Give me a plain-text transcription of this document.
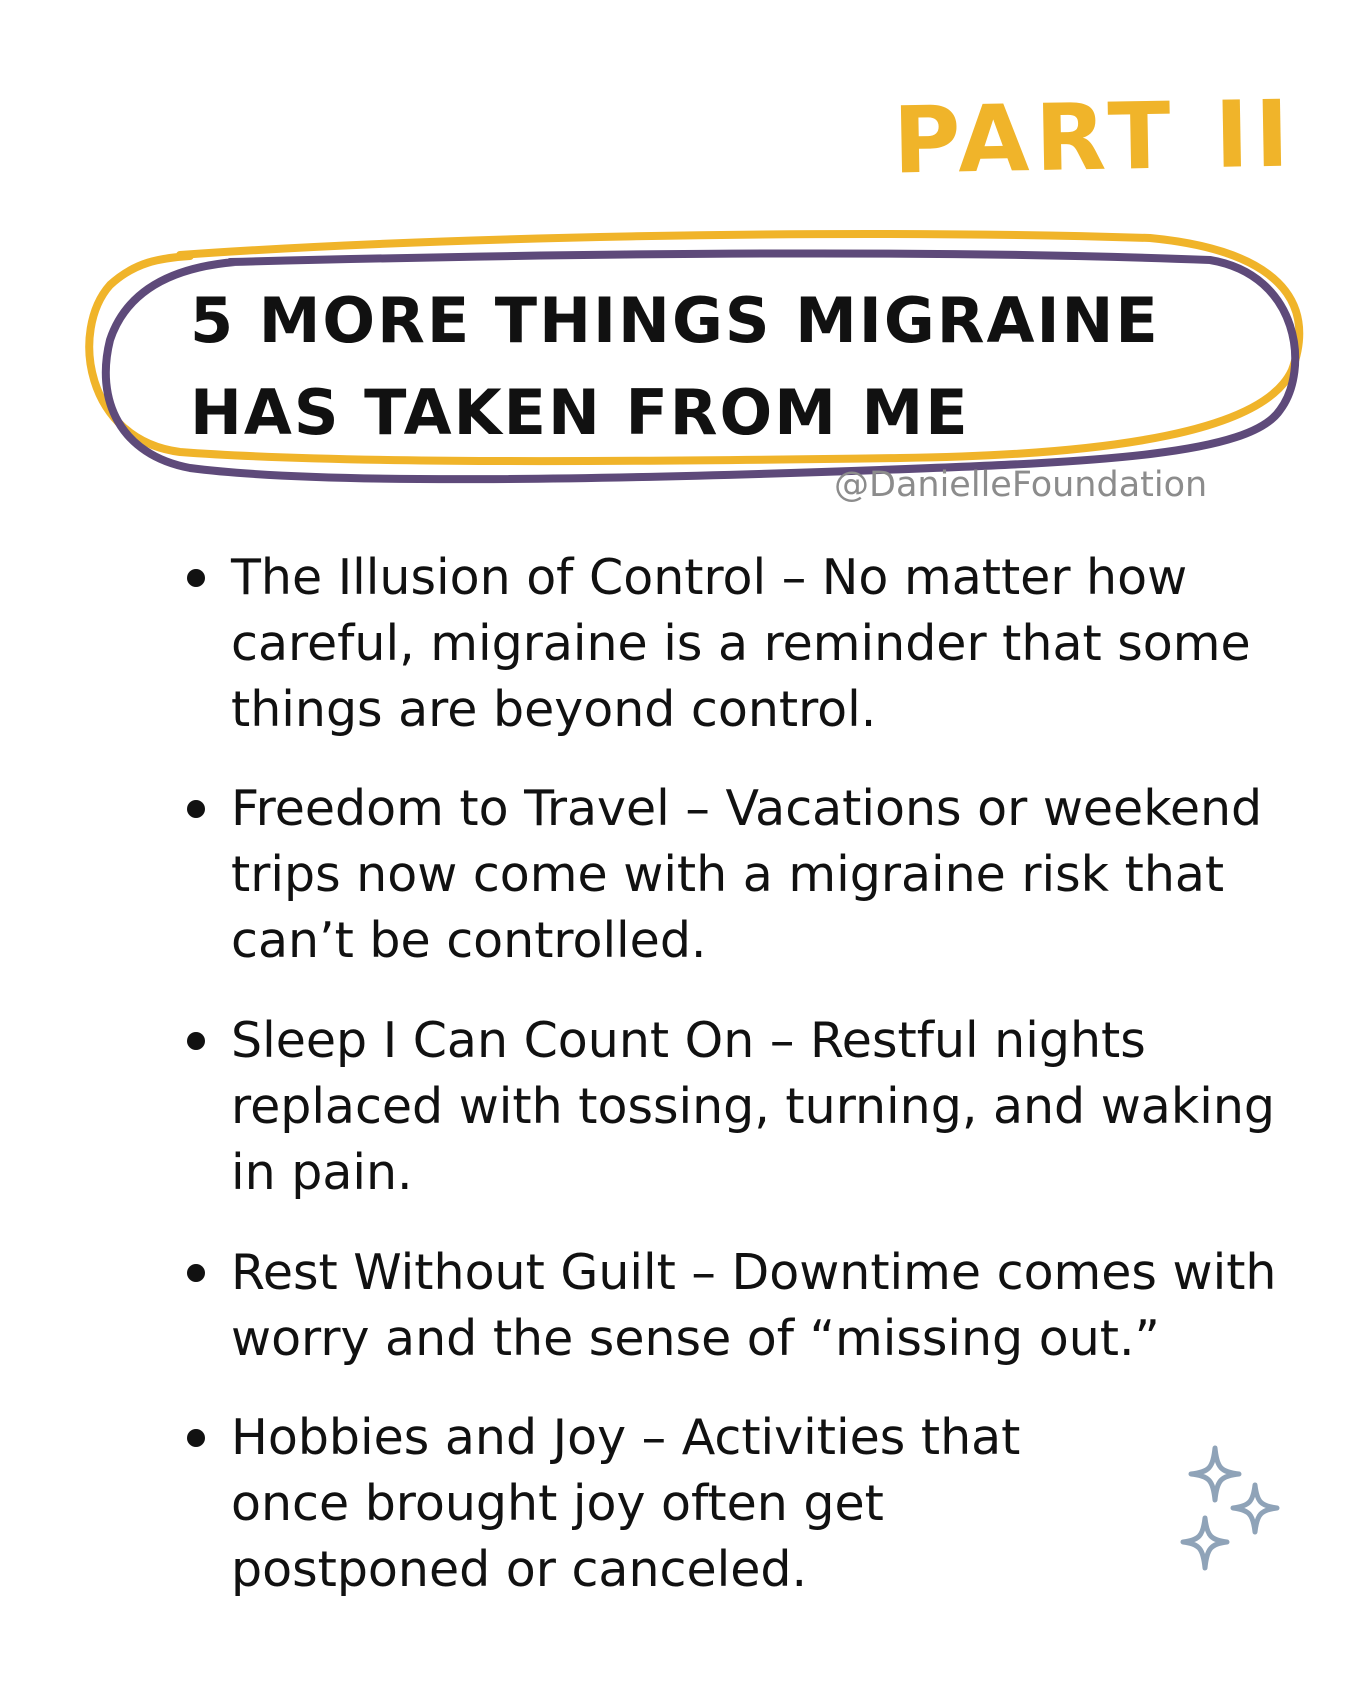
PART II
5 MORE THINGS MIGRAINE
HAS TAKEN FROM ME
@DanielleFoundation
The Illusion of Control – No matter how careful, migraine is a reminder that some things are beyond control.
Freedom to Travel – Vacations or weekend trips now come with a migraine risk that can’t be controlled.
Sleep I Can Count On – Restful nights replaced with tossing, turning, and waking in pain.
Rest Without Guilt – Downtime comes with worry and the sense of “missing out.”
Hobbies and Joy – Activities that once brought joy often get postponed or canceled.
